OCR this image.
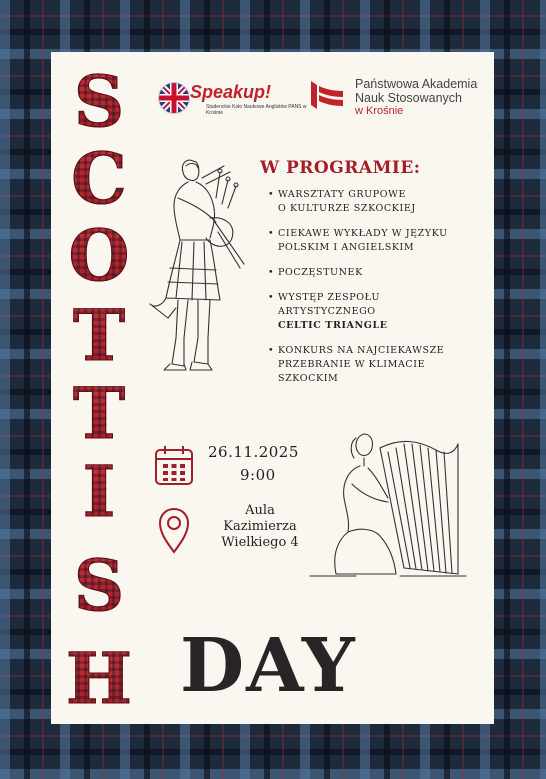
S
C
O
T
T
I
S
H
Speakup!
Studenckie Koło Naukowe Anglistów PANS w Krośnie
Państwowa Akademia
Nauk Stosowanych
w Krośnie
W PROGRAMIE:
• WARSZTATY GRUPOWE
O KULTURZE SZKOCKIEJ
• CIEKAWE WYKŁADY W JĘZYKU
POLSKIM I ANGIELSKIM
• POCZĘSTUNEK
• WYSTĘP ZESPOŁU
ARTYSTYCZNEGO
CELTIC TRIANGLE
• KONKURS NA NAJCIEKAWSZE
PRZEBRANIE W KLIMACIE
SZKOCKIM
26.11.2025
9:00
Aula
Kazimierza
Wielkiego 4
DAY
